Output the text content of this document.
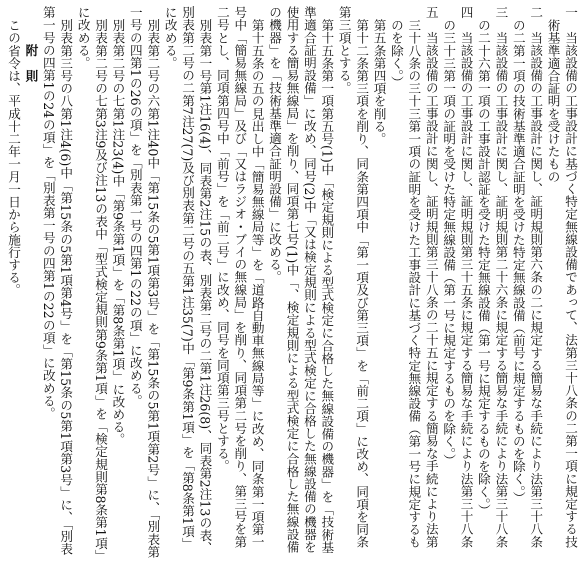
一　当該設備の工事設計に基づく特定無線設備であって、法第三十八条の二第一項に規定する技術基準適合証明を受けたもの

二　当該設備の工事設計に関し、証明規則第六条の二に規定する簡易な手続により法第三十八条の二第一項の技術基準適合証明を受けた特定無線設備（前号に規定するものを除く。）

三　当該設備の工事設計に関し、証明規則第二十六条に規定する簡易な手続により法第三十八条の二十六第一項の工事設計認証を受けた特定無線設備（第一号に規定するものを除く。）

四　当該設備の工事設計に関し、証明規則第三十五条に規定する簡易な手続により法第三十八条の三十三第一項の証明を受けた特定無線設備（第一号に規定するものを除く。）

五　当該設備の工事設計に関し、証明規則第三十八条の二十五に規定する簡易な手続により法第三十八条の三十三第一項の証明を受けた工事設計に基づく特定無線設備（第一号に規定するものを除く。）

第五条第四項を削る。

第十二条第三項を削り、同条第四項中「第一項及び第三項」を「前二項」に改め、同項を同条第三項とする。

第十五条第一項第五号(1)中「検定規則による型式検定に合格した無線設備の機器」を「技術基準適合証明設備」に改め、同号(2)中「又は検定規則による型式検定に合格した無線設備の機器を使用する簡易無線局」を削り、同項第七号(1)中「、検定規則による型式検定に合格した無線設備の機器」を「技術基準適合証明設備」に改める。

第十五条の五の見出し中「簡易無線局等」を「道路自動車無線局等」に改め、同条第一項第一号中「簡易無線局」及び「又はラジオ・ブイの無線局」を削り、同項第二号を削り、第三号を第二号とし、同項第四号中「前号」を「前二号」に改め、同号を同項第三号とする。

別表第一号第1注16(4)、同表第2注15の表、別表第二号の二第1注26(8)、同表第2注13の表、別表第二号の二第7注27(7)及び別表第二号の五第1注35(7)中「第9条第1項」を「第8条第1項」に改める。

別表第二号の六第1注40中「第15条の5第1項第3号」を「第15条の5第1項第2号」に、「別表第一号の四第1の26の項」を「別表第一号の四第1の22の項」に改める。

別表第二号の七第1注23(4)中「第9条第1項」を「第8条第1項」に改める。

別表第二号の七第3注9及び注13の表中「型式検定規則第9条第1項」を「検定規則第8条第1項」に改める。

別表第三号の八第1注4(6)中「第15条の5第1項第4号」を「第15条の5第1項第3号」に、「別表第一号の四第1の24の項」を「別表第一号の四第1の22の項」に改める。

附　則

この省令は、平成十二年一月一日から施行する。
